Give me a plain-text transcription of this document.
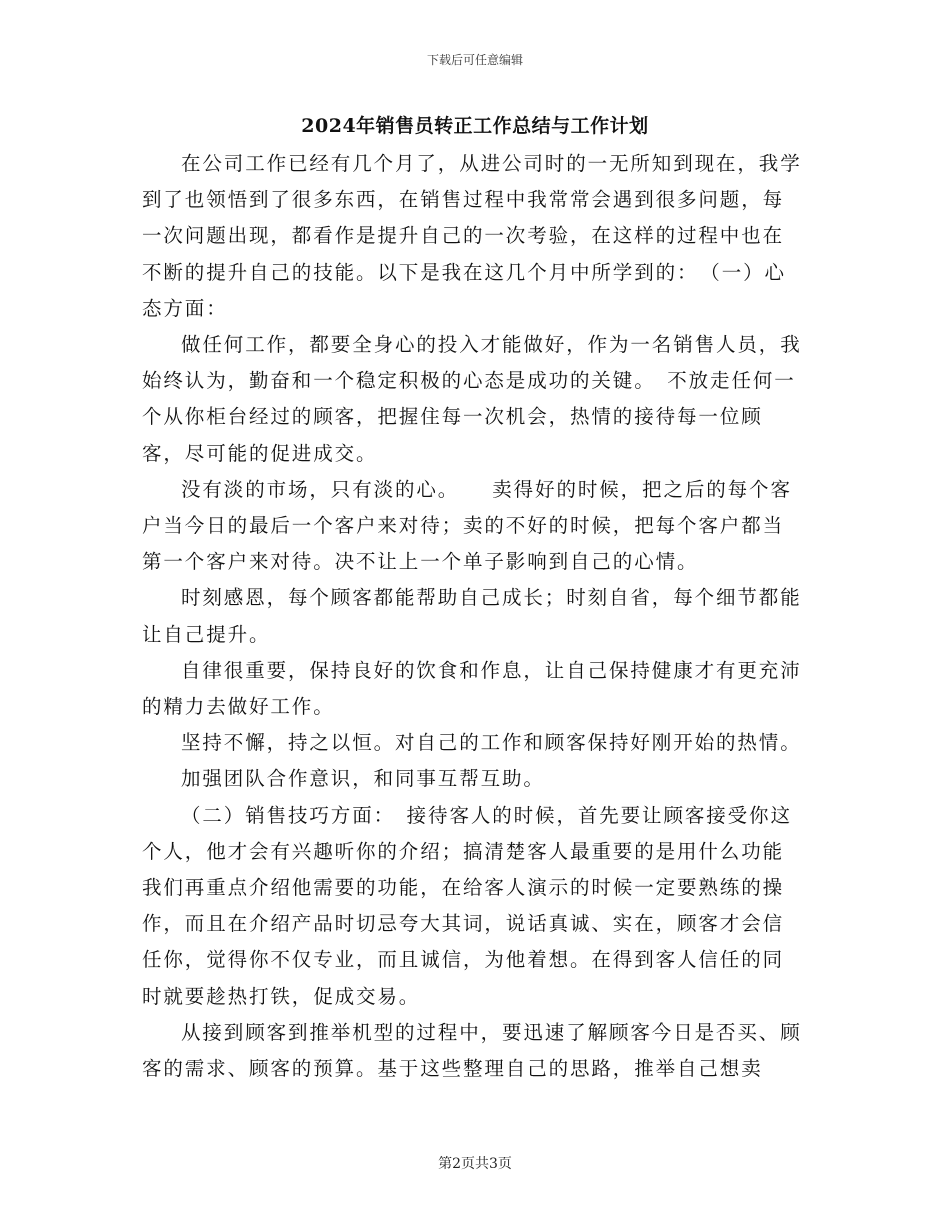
下载后可任意编辑
2024年销售员转正工作总结与工作计划

在公司工作已经有几个月了，从进公司时的一无所知到现在，我学到了也领悟到了很多东西，在销售过程中我常常会遇到很多问题，每一次问题出现，都看作是提升自己的一次考验，在这样的过程中也在不断的提升自己的技能。以下是我在这几个月中所学到的：　（一）心态方面：

做任何工作，都要全身心的投入才能做好，作为一名销售人员，我始终认为，勤奋和一个稳定积极的心态是成功的关键。　不放走任何一个从你柜台经过的顾客，把握住每一次机会，热情的接待每一位顾客，尽可能的促进成交。

没有淡的市场，只有淡的心。　　卖得好的时候，把之后的每个客户当今日的最后一个客户来对待；卖的不好的时候，把每个客户都当第一个客户来对待。决不让上一个单子影响到自己的心情。

时刻感恩，每个顾客都能帮助自己成长；时刻自省，每个细节都能让自己提升。

自律很重要，保持良好的饮食和作息，让自己保持健康才有更充沛的精力去做好工作。

坚持不懈，持之以恒。对自己的工作和顾客保持好刚开始的热情。

加强团队合作意识，和同事互帮互助。

（二）销售技巧方面：　接待客人的时候，首先要让顾客接受你这个人，他才会有兴趣听你的介绍；搞清楚客人最重要的是用什么功能我们再重点介绍他需要的功能，在给客人演示的时候一定要熟练的操作，而且在介绍产品时切忌夸大其词，说话真诚、实在，顾客才会信任你，觉得你不仅专业，而且诚信，为他着想。在得到客人信任的同时就要趁热打铁，促成交易。

从接到顾客到推举机型的过程中，要迅速了解顾客今日是否买、顾客的需求、顾客的预算。基于这些整理自己的思路，推举自己想卖

第2页共3页
